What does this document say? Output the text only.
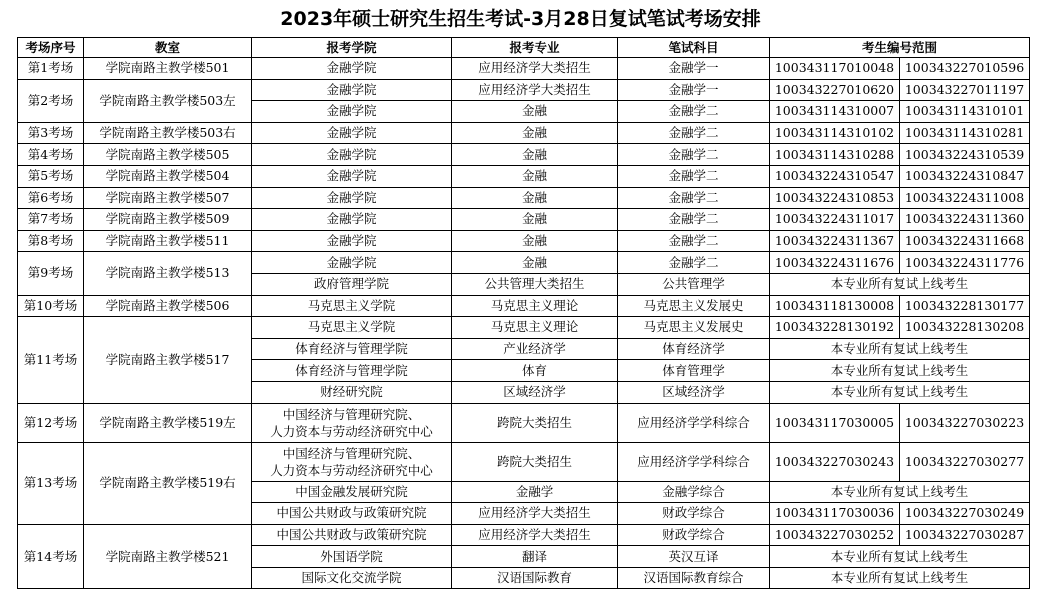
2023年硕士研究生招生考试-3月28日复试笔试考场安排
考场序号	教室	报考学院	报考专业	笔试科目	考生编号范围	
第1考场	学院南路主教学楼501	金融学院	应用经济学大类招生	金融学一	100343117010048	100343227010596
第2考场	学院南路主教学楼503左	金融学院	应用经济学大类招生	金融学一	100343227010620	100343227011197
		金融学院	金融	金融学二	100343114310007	100343114310101
第3考场	学院南路主教学楼503右	金融学院	金融	金融学二	100343114310102	100343114310281
第4考场	学院南路主教学楼505	金融学院	金融	金融学二	100343114310288	100343224310539
第5考场	学院南路主教学楼504	金融学院	金融	金融学二	100343224310547	100343224310847
第6考场	学院南路主教学楼507	金融学院	金融	金融学二	100343224310853	100343224311008
第7考场	学院南路主教学楼509	金融学院	金融	金融学二	100343224311017	100343224311360
第8考场	学院南路主教学楼511	金融学院	金融	金融学二	100343224311367	100343224311668
第9考场	学院南路主教学楼513	金融学院	金融	金融学二	100343224311676	100343224311776
		政府管理学院	公共管理大类招生	公共管理学	本专业所有复试上线考生	
第10考场	学院南路主教学楼506	马克思主义学院	马克思主义理论	马克思主义发展史	100343118130008	100343228130177
第11考场	学院南路主教学楼517	马克思主义学院	马克思主义理论	马克思主义发展史	100343228130192	100343228130208
		体育经济与管理学院	产业经济学	体育经济学	本专业所有复试上线考生	
		体育经济与管理学院	体育	体育管理学	本专业所有复试上线考生	
		财经研究院	区域经济学	区域经济学	本专业所有复试上线考生	
第12考场	学院南路主教学楼519左	中国经济与管理研究院、
人力资本与劳动经济研究中心	跨院大类招生	应用经济学学科综合	100343117030005	100343227030223
第13考场	学院南路主教学楼519右	中国经济与管理研究院、
人力资本与劳动经济研究中心	跨院大类招生	应用经济学学科综合	100343227030243	100343227030277
		中国金融发展研究院	金融学	金融学综合	本专业所有复试上线考生	
		中国公共财政与政策研究院	应用经济学大类招生	财政学综合	100343117030036	100343227030249
第14考场	学院南路主教学楼521	中国公共财政与政策研究院	应用经济学大类招生	财政学综合	100343227030252	100343227030287
		外国语学院	翻译	英汉互译	本专业所有复试上线考生	
		国际文化交流学院	汉语国际教育	汉语国际教育综合	本专业所有复试上线考生	
